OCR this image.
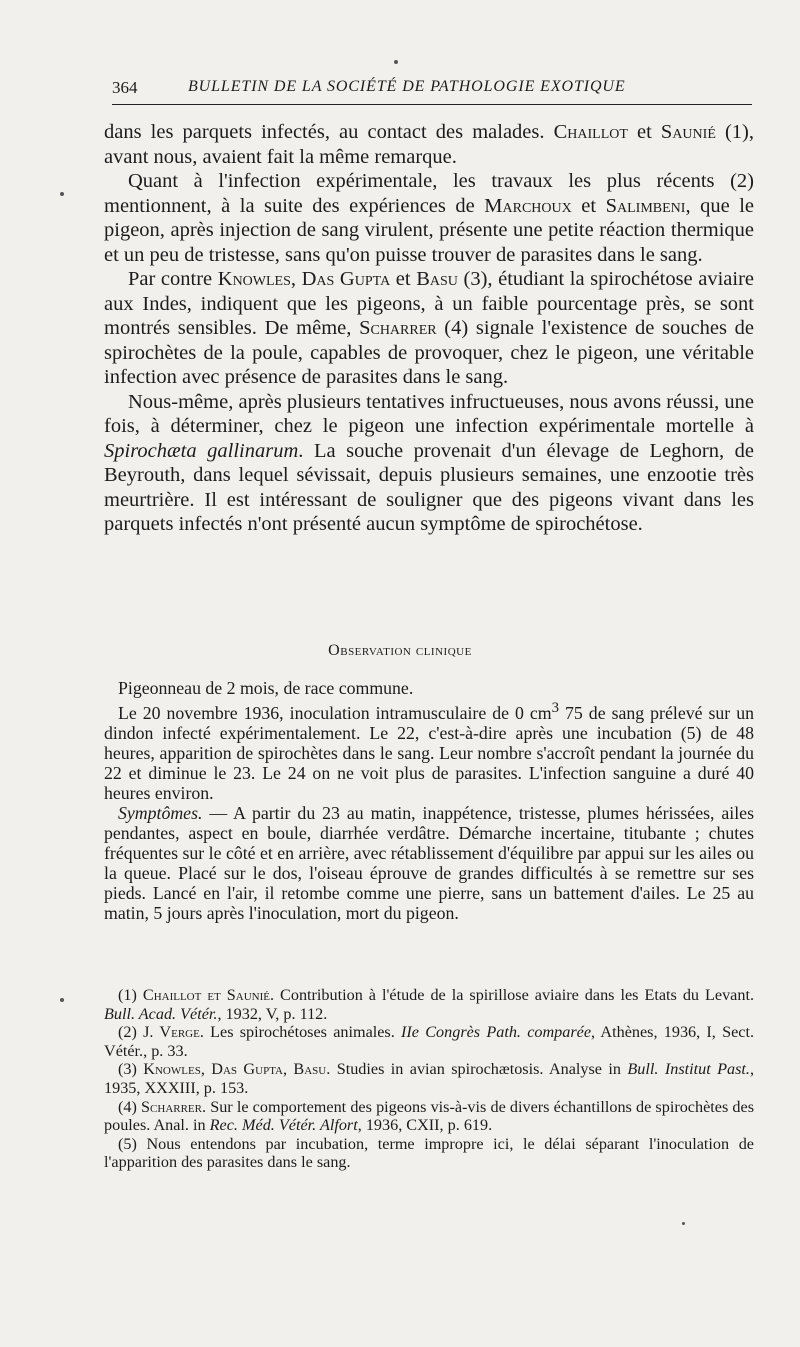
364	BULLETIN DE LA SOCIÉTÉ DE PATHOLOGIE EXOTIQUE

dans les parquets infectés, au contact des malades. Chaillot et Saunié (1), avant nous, avaient fait la même remarque.

Quant à l'infection expérimentale, les travaux les plus récents (2) mentionnent, à la suite des expériences de Marchoux et Salimbeni, que le pigeon, après injection de sang virulent, présente une petite réaction thermique et un peu de tristesse, sans qu'on puisse trouver de parasites dans le sang.

Par contre Knowles, Das Gupta et Basu (3), étudiant la spirochétose aviaire aux Indes, indiquent que les pigeons, à un faible pourcentage près, se sont montrés sensibles. De même, Scharrer (4) signale l'existence de souches de spirochètes de la poule, capables de provoquer, chez le pigeon, une véritable infection avec présence de parasites dans le sang.

Nous-même, après plusieurs tentatives infructueuses, nous avons réussi, une fois, à déterminer, chez le pigeon une infection expérimentale mortelle à Spirochæta gallinarum. La souche provenait d'un élevage de Leghorn, de Beyrouth, dans lequel sévissait, depuis plusieurs semaines, une enzootie très meurtrière. Il est intéressant de souligner que des pigeons vivant dans les parquets infectés n'ont présenté aucun symptôme de spirochétose.

Observation clinique

Pigeonneau de 2 mois, de race commune.

Le 20 novembre 1936, inoculation intramusculaire de 0 $cm^3$ 75 de sang prélevé sur un dindon infecté expérimentalement. Le 22, c'est-à-dire après une incubation (5) de 48 heures, apparition de spirochètes dans le sang. Leur nombre s'accroît pendant la journée du 22 et diminue le 23. Le 24 on ne voit plus de parasites. L'infection sanguine a duré 40 heures environ.

Symptômes. — A partir du 23 au matin, inappétence, tristesse, plumes hérissées, ailes pendantes, aspect en boule, diarrhée verdâtre. Démarche incertaine, titubante ; chutes fréquentes sur le côté et en arrière, avec rétablissement d'équilibre par appui sur les ailes ou la queue. Placé sur le dos, l'oiseau éprouve de grandes difficultés à se remettre sur ses pieds. Lancé en l'air, il retombe comme une pierre, sans un battement d'ailes. Le 25 au matin, 5 jours après l'inoculation, mort du pigeon.

(1) Chaillot et Saunié. Contribution à l'étude de la spirillose aviaire dans les Etats du Levant. Bull. Acad. Vétér., 1932, V, p. 112.

(2) J. Verge. Les spirochétoses animales. IIe Congrès Path. comparée, Athènes, 1936, I, Sect. Vétér., p. 33.

(3) Knowles, Das Gupta, Basu. Studies in avian spirochætosis. Analyse in Bull. Institut Past., 1935, XXXIII, p. 153.

(4) Scharrer. Sur le comportement des pigeons vis-à-vis de divers échantillons de spirochètes des poules. Anal. in Rec. Méd. Vétér. Alfort, 1936, CXII, p. 619.

(5) Nous entendons par incubation, terme impropre ici, le délai séparant l'inoculation de l'apparition des parasites dans le sang.
